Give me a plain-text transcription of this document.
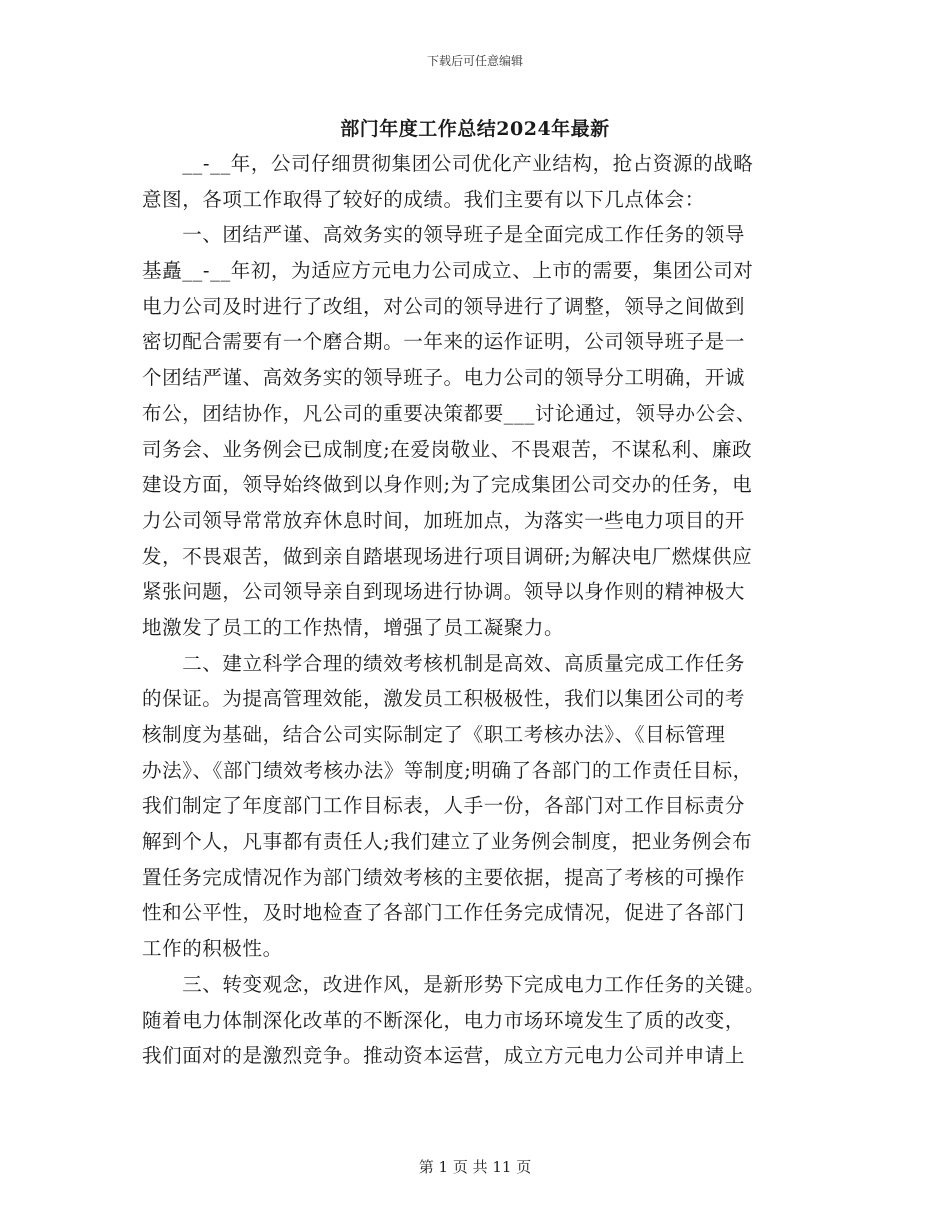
下载后可任意编辑
部门年度工作总结2024年最新
　　__-__年，公司仔细贯彻集团公司优化产业结构，抢占资源的战略
意图，各项工作取得了较好的成绩。我们主要有以下几点体会：
　　一、团结严谨、高效务实的领导班子是全面完成工作任务的领导
基矗__-__年初，为适应方元电力公司成立、上市的需要，集团公司对
电力公司及时进行了改组，对公司的领导进行了调整，领导之间做到
密切配合需要有一个磨合期。一年来的运作证明，公司领导班子是一
个团结严谨、高效务实的领导班子。电力公司的领导分工明确，开诚
布公，团结协作，凡公司的重要决策都要___讨论通过，领导办公会、
司务会、业务例会已成制度;在爱岗敬业、不畏艰苦，不谋私利、廉政
建设方面，领导始终做到以身作则;为了完成集团公司交办的任务，电
力公司领导常常放弃休息时间，加班加点，为落实一些电力项目的开
发，不畏艰苦，做到亲自踏堪现场进行项目调研;为解决电厂燃煤供应
紧张问题，公司领导亲自到现场进行协调。领导以身作则的精神极大
地激发了员工的工作热情，增强了员工凝聚力。
　　二、建立科学合理的绩效考核机制是高效、高质量完成工作任务
的保证。为提高管理效能，激发员工积极极性，我们以集团公司的考
核制度为基础，结合公司实际制定了《职工考核办法》、《目标管理
办法》、《部门绩效考核办法》等制度;明确了各部门的工作责任目标，
我们制定了年度部门工作目标表，人手一份，各部门对工作目标责分
解到个人，凡事都有责任人;我们建立了业务例会制度，把业务例会布
置任务完成情况作为部门绩效考核的主要依据，提高了考核的可操作
性和公平性，及时地检查了各部门工作任务完成情况，促进了各部门
工作的积极性。
　　三、转变观念，改进作风，是新形势下完成电力工作任务的关键。
随着电力体制深化改革的不断深化，电力市场环境发生了质的改变，
我们面对的是激烈竞争。推动资本运营，成立方元电力公司并申请上
第 1 页 共 11 页
